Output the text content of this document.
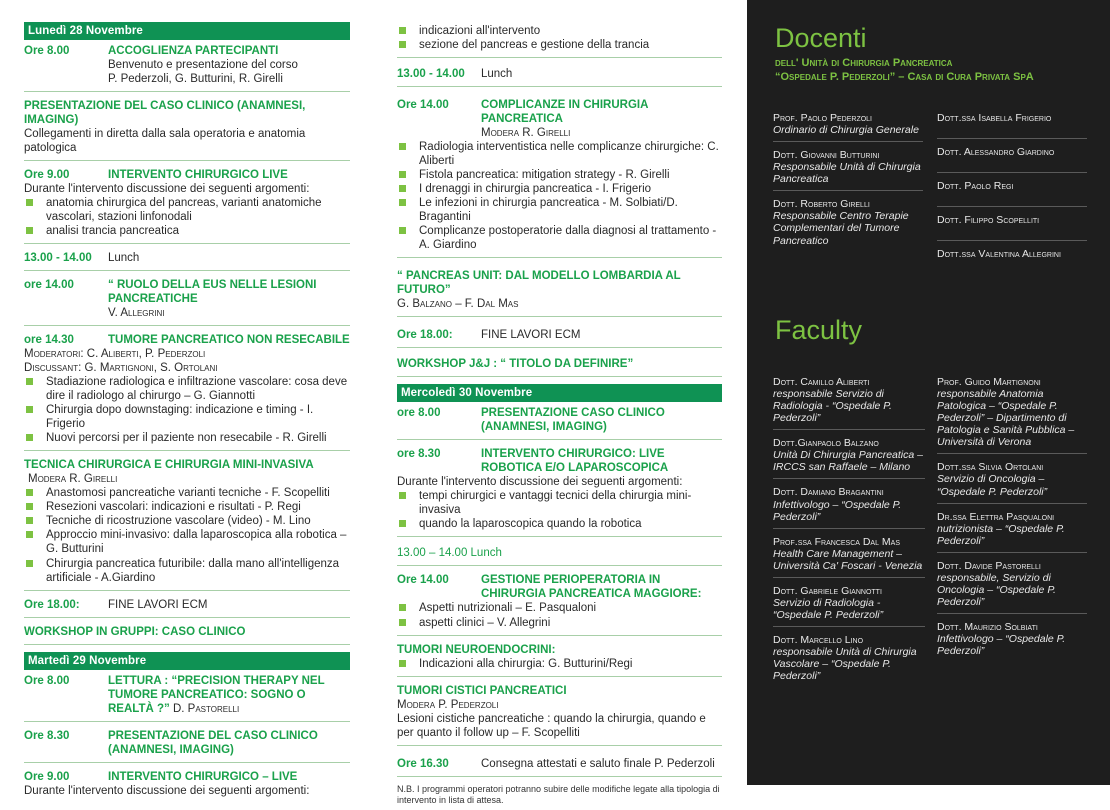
Lunedì 28 Novembre
Ore 8.00	ACCOGLIENZA PARTECIPANTI
Benvenuto e presentazione del corso
P. Pederzoli, G. Butturini, R. Girelli
PRESENTAZIONE DEL CASO CLINICO (ANAMNESI, IMAGING)
Collegamenti in diretta dalla sala operatoria e anatomia patologica
Ore 9.00	INTERVENTO CHIRURGICO LIVE
Durante l'intervento discussione dei seguenti argomenti:
anatomia chirurgica del pancreas, varianti anatomiche vascolari, stazioni linfonodali
analisi trancia pancreatica
13.00 - 14.00	Lunch
ore 14.00	“ RUOLO DELLA EUS NELLE LESIONI PANCREATICHE
V. Allegrini
ore 14.30	TUMORE PANCREATICO NON RESECABILE
Moderatori: C. Aliberti, P. Pederzoli
Discussant: G. Martignoni, S. Ortolani
Stadiazione radiologica e infiltrazione vascolare: cosa deve dire il radiologo al chirurgo – G. Giannotti
Chirurgia dopo downstaging: indicazione e timing - I. Frigerio
Nuovi percorsi per il paziente non resecabile - R. Girelli
TECNICA CHIRURGICA E CHIRURGIA MINI-INVASIVA
Modera R. Girelli
Anastomosi pancreatiche varianti tecniche - F. Scopelliti
Resezioni vascolari: indicazioni e risultati - P. Regi
Tecniche di ricostruzione vascolare (video) - M. Lino
Approccio mini-invasivo: dalla laparoscopica alla robotica – G. Butturini
Chirurgia pancreatica futuribile: dalla mano all'intelligenza artificiale - A.Giardino
Ore 18.00:	FINE LAVORI ECM
WORKSHOP IN GRUPPI: CASO CLINICO
Martedì 29 Novembre
Ore 8.00	LETTURA : “PRECISION THERAPY NEL TUMORE PANCREATICO: SOGNO O REALTÀ ?” D. Pastorelli
Ore 8.30	PRESENTAZIONE DEL CASO CLINICO (ANAMNESI, IMAGING)
Ore 9.00	INTERVENTO CHIRURGICO – LIVE
Durante l'intervento discussione dei seguenti argomenti:
indicazioni all'intervento
sezione del pancreas e gestione della trancia
13.00 - 14.00	Lunch
Ore 14.00	COMPLICANZE IN CHIRURGIA PANCREATICA
Modera R. Girelli
Radiologia interventistica nelle complicanze chirurgiche: C. Aliberti
Fistola pancreatica: mitigation strategy - R. Girelli
I drenaggi in chirurgia pancreatica - I. Frigerio
Le infezioni in chirurgia pancreatica - M. Solbiati/D. Bragantini
Complicanze postoperatorie dalla diagnosi al trattamento - A. Giardino
“ PANCREAS UNIT: DAL MODELLO LOMBARDIA AL FUTURO”
G. Balzano – F. Dal Mas
Ore 18.00:	FINE LAVORI ECM
WORKSHOP J&J : “ TITOLO DA DEFINIRE”
Mercoledì 30 Novembre
ore 8.00	PRESENTAZIONE CASO CLINICO (ANAMNESI, IMAGING)
ore 8.30	INTERVENTO CHIRURGICO: LIVE ROBOTICA E/O LAPAROSCOPICA
Durante l'intervento discussione dei seguenti argomenti:
tempi chirurgici e vantaggi tecnici della chirurgia mini-invasiva
quando la laparoscopica quando la robotica
13.00 – 14.00 Lunch
Ore 14.00	GESTIONE PERIOPERATORIA IN CHIRURGIA PANCREATICA MAGGIORE:
Aspetti nutrizionali – E. Pasqualoni
aspetti clinici – V. Allegrini
TUMORI NEUROENDOCRINI:
Indicazioni alla chirurgia: G. Butturini/Regi
TUMORI CISTICI PANCREATICI
Modera P. Pederzoli
Lesioni cistiche pancreatiche : quando la chirurgia, quando e per quanto il follow up – F. Scopelliti
Ore 16.30	Consegna attestati e saluto finale P. Pederzoli
N.B. I programmi operatori potranno subire delle modifiche legate alla tipologia di intervento in lista di attesa.
Docenti
dell' Unità di Chirurgia Pancreatica
“Ospedale P. Pederzoli” – Casa di Cura Privata SpA
Prof. Paolo Pederzoli
Ordinario di Chirurgia Generale
Dott. Giovanni Butturini
Responsabile Unità di Chirurgia Pancreatica
Dott. Roberto Girelli
Responsabile Centro Terapie Complementari del Tumore Pancreatico
Dott.ssa Isabella Frigerio
Dott. Alessandro Giardino
Dott. Paolo Regi
Dott. Filippo Scopelliti
Dott.ssa Valentina Allegrini
Faculty
Dott. Camillo Aliberti
responsabile Servizio di Radiologia - “Ospedale P. Pederzoli”
Dott.Gianpaolo Balzano
Unità Di Chirurgia Pancreatica – IRCCS san Raffaele – Milano
Dott. Damiano Bragantini
Infettivologo – “Ospedale P. Pederzoli”
Prof.ssa Francesca Dal Mas
Health Care Management – Università Ca' Foscari - Venezia
Dott. Gabriele Giannotti
Servizio di Radiologia - “Ospedale P. Pederzoli”
Dott. Marcello Lino
responsabile Unità di Chirurgia Vascolare – “Ospedale P. Pederzoli”
Prof. Guido Martignoni
responsabile Anatomia Patologica – “Ospedale P. Pederzoli” – Dipartimento di Patologia e Sanità Pubblica – Università di Verona
Dott.ssa Silvia Ortolani
Servizio di Oncologia – “Ospedale P. Pederzoli”
Dr.ssa Elettra Pasqualoni
nutrizionista – “Ospedale P. Pederzoli”
Dott. Davide Pastorelli
responsabile, Servizio di Oncologia – “Ospedale P. Pederzoli”
Dott. Maurizio Solbiati
Infettivologo – “Ospedale P. Pederzoli”
